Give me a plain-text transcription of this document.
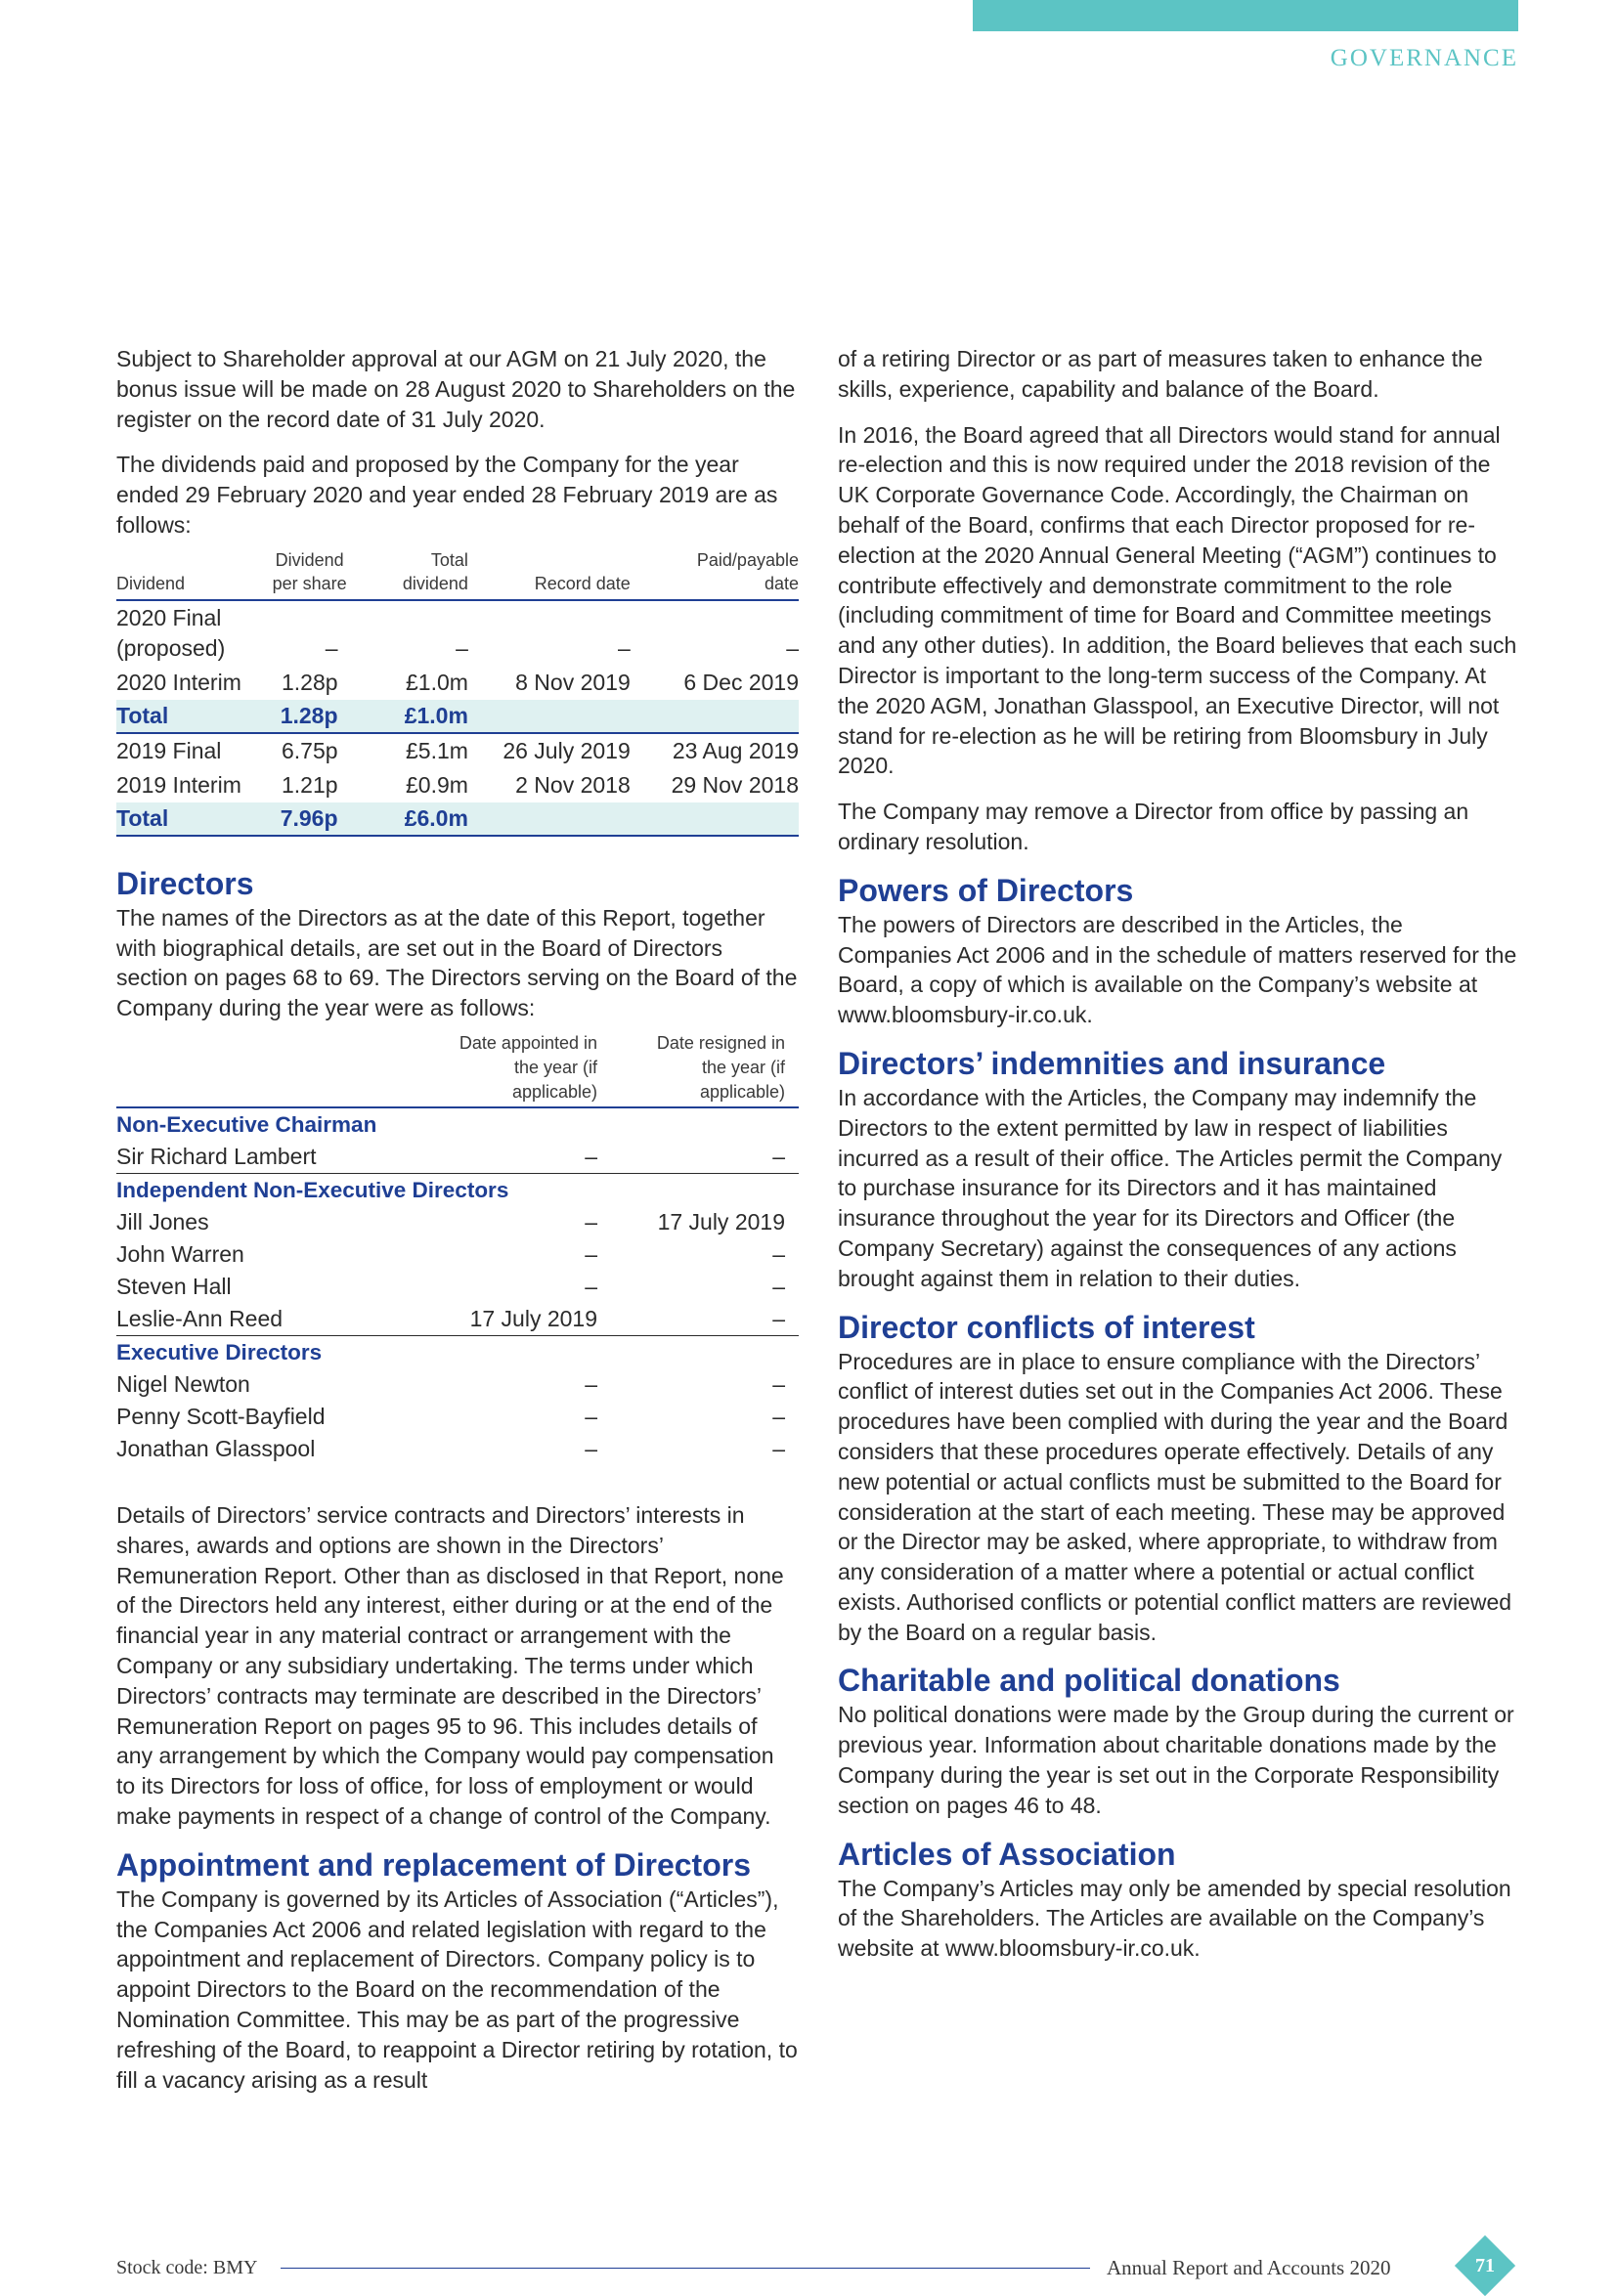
GOVERNANCE

Subject to Shareholder approval at our AGM on 21 July 2020, the bonus issue will be made on 28 August 2020 to Shareholders on the register on the record date of 31 July 2020.

The dividends paid and proposed by the Company for the year ended 29 February 2020 and year ended 28 February 2019 are as follows:

Dividend	Dividend per share	Total dividend	Record date	Paid/payable date
2020 Final (proposed)	–	–	–	–
2020 Interim	1.28p	£1.0m	8 Nov 2019	6 Dec 2019
Total	1.28p	£1.0m		
2019 Final	6.75p	£5.1m	26 July 2019	23 Aug 2019
2019 Interim	1.21p	£0.9m	2 Nov 2018	29 Nov 2018
Total	7.96p	£6.0m		
Directors

The names of the Directors as at the date of this Report, together with biographical details, are set out in the Board of Directors section on pages 68 to 69. The Directors serving on the Board of the Company during the year were as follows:

	Date appointed in the year (if applicable)	Date resigned in the year (if applicable)

Non-Executive Chairman		
Sir Richard Lambert	–	–
Independent Non-Executive Directors		
Jill Jones	–	17 July 2019
John Warren	–	–
Steven Hall	–	–
Leslie-Ann Reed	17 July 2019	–
Executive Directors		
Nigel Newton	–	–
Penny Scott-Bayfield	–	–
Jonathan Glasspool	–	–

Details of Directors’ service contracts and Directors’ interests in shares, awards and options are shown in the Directors’ Remuneration Report. Other than as disclosed in that Report, none of the Directors held any interest, either during or at the end of the financial year in any material contract or arrangement with the Company or any subsidiary undertaking. The terms under which Directors’ contracts may terminate are described in the Directors’ Remuneration Report on pages 95 to 96. This includes details of any arrangement by which the Company would pay compensation to its Directors for loss of office, for loss of employment or would make payments in respect of a change of control of the Company.

Appointment and replacement of Directors

The Company is governed by its Articles of Association (“Articles”), the Companies Act 2006 and related legislation with regard to the appointment and replacement of Directors. Company policy is to appoint Directors to the Board on the recommendation of the Nomination Committee. This may be as part of the progressive refreshing of the Board, to reappoint a Director retiring by rotation, to fill a vacancy arising as a result

of a retiring Director or as part of measures taken to enhance the skills, experience, capability and balance of the Board.

In 2016, the Board agreed that all Directors would stand for annual re-election and this is now required under the 2018 revision of the UK Corporate Governance Code. Accordingly, the Chairman on behalf of the Board, confirms that each Director proposed for re-election at the 2020 Annual General Meeting (“AGM”) continues to contribute effectively and demonstrate commitment to the role (including commitment of time for Board and Committee meetings and any other duties). In addition, the Board believes that each such Director is important to the long-term success of the Company. At the 2020 AGM, Jonathan Glasspool, an Executive Director, will not stand for re-election as he will be retiring from Bloomsbury in July 2020.

The Company may remove a Director from office by passing an ordinary resolution.

Powers of Directors

The powers of Directors are described in the Articles, the Companies Act 2006 and in the schedule of matters reserved for the Board, a copy of which is available on the Company’s website at www.bloomsbury-ir.co.uk.

Directors’ indemnities and insurance

In accordance with the Articles, the Company may indemnify the Directors to the extent permitted by law in respect of liabilities incurred as a result of their office. The Articles permit the Company to purchase insurance for its Directors and it has maintained insurance throughout the year for its Directors and Officer (the Company Secretary) against the consequences of any actions brought against them in relation to their duties.

Director conflicts of interest

Procedures are in place to ensure compliance with the Directors’ conflict of interest duties set out in the Companies Act 2006. These procedures have been complied with during the year and the Board considers that these procedures operate effectively. Details of any new potential or actual conflicts must be submitted to the Board for consideration at the start of each meeting. These may be approved or the Director may be asked, where appropriate, to withdraw from any consideration of a matter where a potential or actual conflict exists. Authorised conflicts or potential conflict matters are reviewed by the Board on a regular basis.

Charitable and political donations

No political donations were made by the Group during the current or previous year. Information about charitable donations made by the Company during the year is set out in the Corporate Responsibility section on pages 46 to 48.

Articles of Association

The Company’s Articles may only be amended by special resolution of the Shareholders. The Articles are available on the Company’s website at www.bloomsbury-ir.co.uk.

Stock code: BMY	Annual Report and Accounts 2020	71
